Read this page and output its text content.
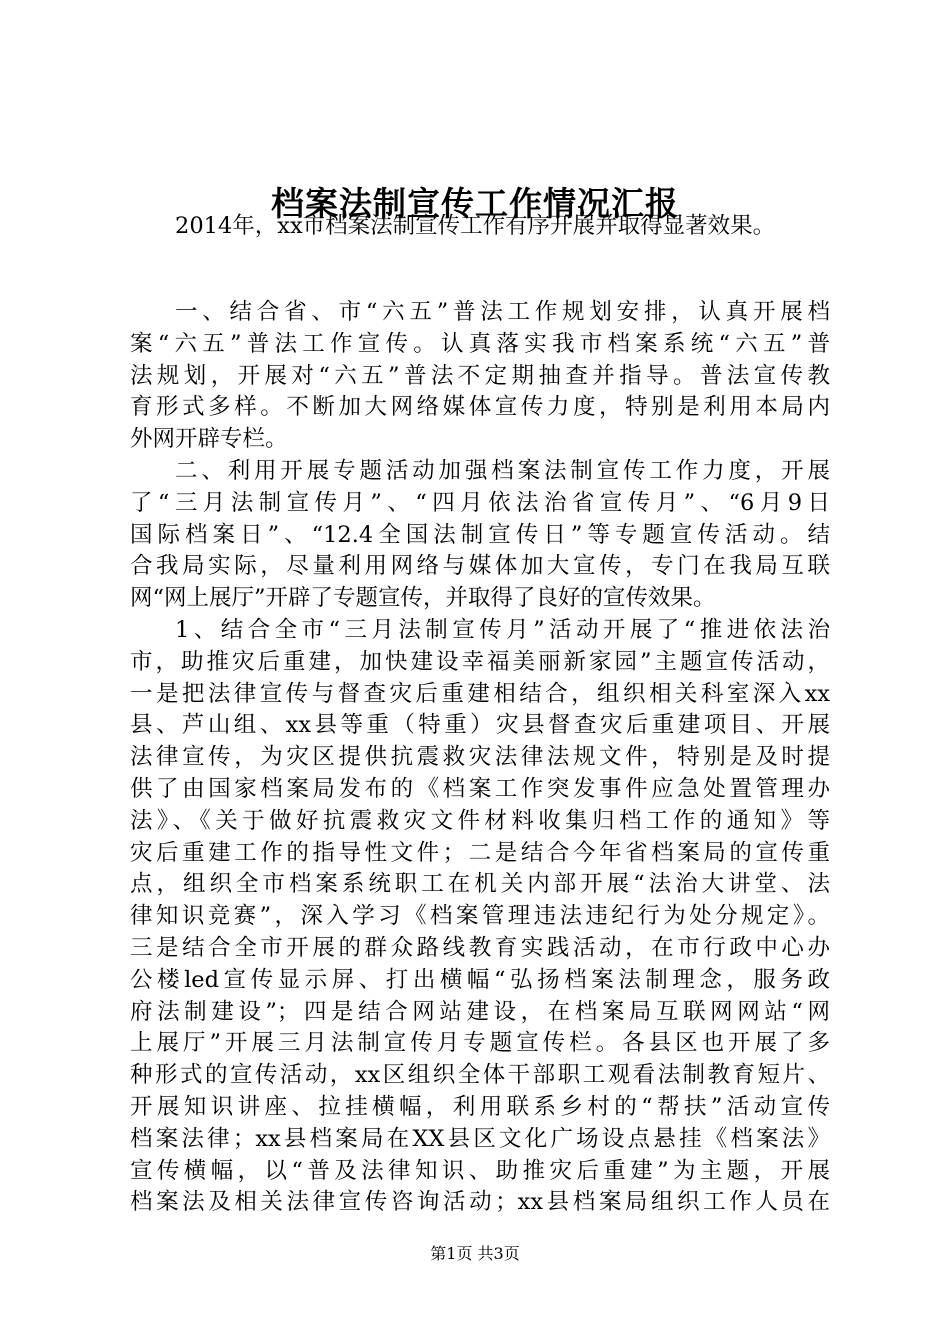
档案法制宣传工作情况汇报
2014年，xx市档案法制宣传工作有序开展并取得显著效果。
一、结合省、市“六五”普法工作规划安排，认真开展档
案“六五”普法工作宣传。认真落实我市档案系统“六五”普
法规划，开展对“六五”普法不定期抽查并指导。普法宣传教
育形式多样。不断加大网络媒体宣传力度，特别是利用本局内
外网开辟专栏。
二、利用开展专题活动加强档案法制宣传工作力度，开展
了“三月法制宣传月”、“四月依法治省宣传月”、“6月9日
国际档案日”、“12.4全国法制宣传日”等专题宣传活动。结
合我局实际，尽量利用网络与媒体加大宣传，专门在我局互联
网“网上展厅”开辟了专题宣传，并取得了良好的宣传效果。
1、结合全市“三月法制宣传月”活动开展了“推进依法治
市，助推灾后重建，加快建设幸福美丽新家园”主题宣传活动，
一是把法律宣传与督查灾后重建相结合，组织相关科室深入xx
县、芦山组、xx县等重（特重）灾县督查灾后重建项目、开展
法律宣传，为灾区提供抗震救灾法律法规文件，特别是及时提
供了由国家档案局发布的《档案工作突发事件应急处置管理办
法》、《关于做好抗震救灾文件材料收集归档工作的通知》等
灾后重建工作的指导性文件；二是结合今年省档案局的宣传重
点，组织全市档案系统职工在机关内部开展“法治大讲堂、法
律知识竞赛”，深入学习《档案管理违法违纪行为处分规定》。
三是结合全市开展的群众路线教育实践活动，在市行政中心办
公楼led宣传显示屏、打出横幅“弘扬档案法制理念，服务政
府法制建设”；四是结合网站建设，在档案局互联网网站“网
上展厅”开展三月法制宣传月专题宣传栏。各县区也开展了多
种形式的宣传活动，xx区组织全体干部职工观看法制教育短片、
开展知识讲座、拉挂横幅，利用联系乡村的“帮扶”活动宣传
档案法律；xx县档案局在XX县区文化广场设点悬挂《档案法》
宣传横幅，以“普及法律知识、助推灾后重建”为主题，开展
档案法及相关法律宣传咨询活动；xx县档案局组织工作人员在
第1页 共3页
